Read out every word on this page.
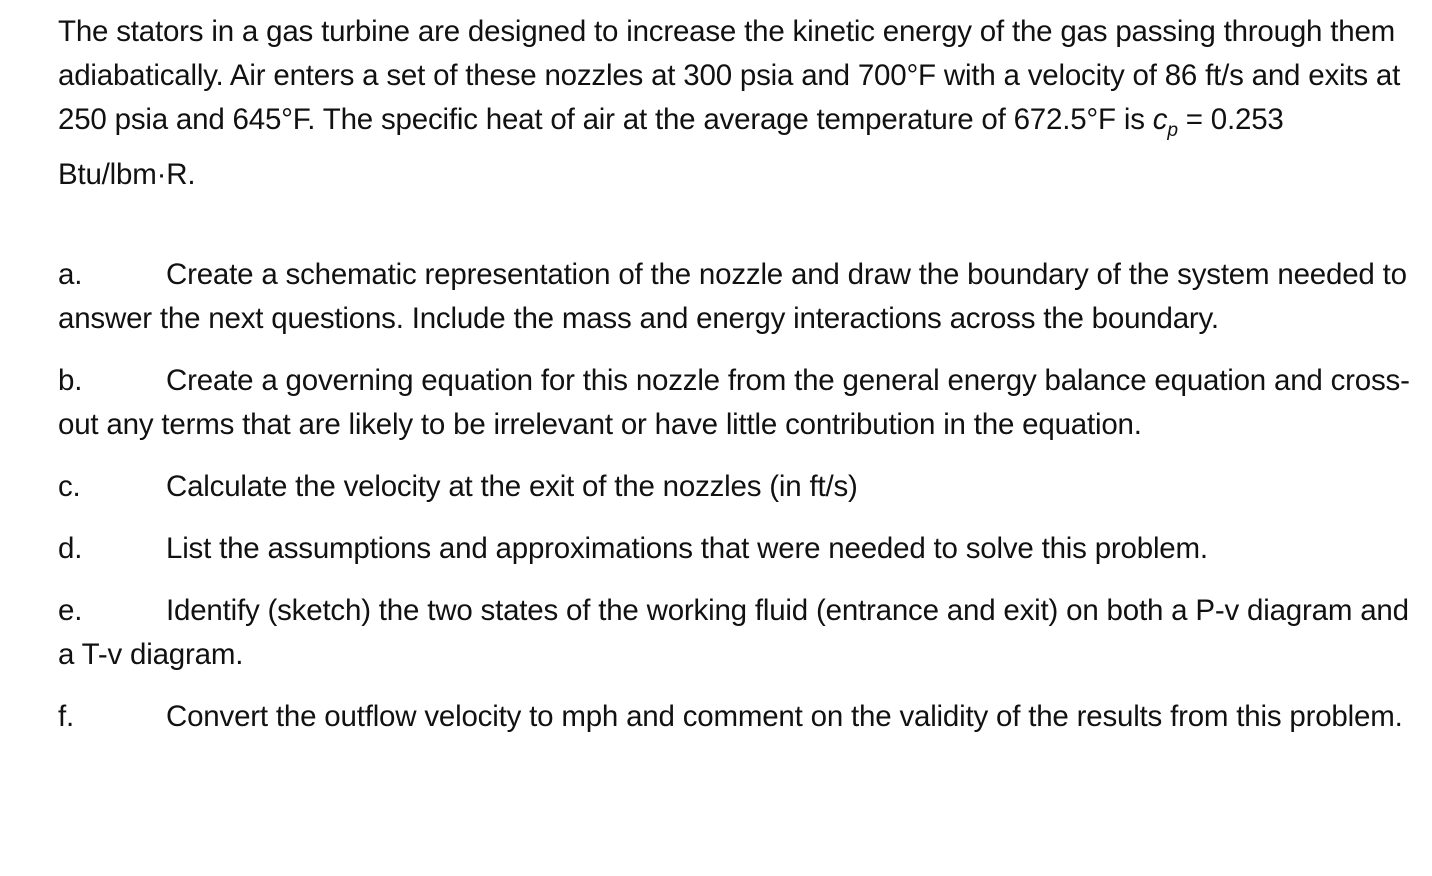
The stators in a gas turbine are designed to increase the kinetic energy of the gas passing through them adiabatically. Air enters a set of these nozzles at 300 psia and 700°F with a velocity of 86 ft/s and exits at 250 psia and 645°F. The specific heat of air at the average temperature of 672.5°F is $c_p = 0.253$ Btu/lbm·R.

a.	Create a schematic representation of the nozzle and draw the boundary of the system needed to answer the next questions. Include the mass and energy interactions across the boundary.

b.	Create a governing equation for this nozzle from the general energy balance equation and cross-out any terms that are likely to be irrelevant or have little contribution in the equation.

c.	Calculate the velocity at the exit of the nozzles (in ft/s)

d.	List the assumptions and approximations that were needed to solve this problem.

e.	Identify (sketch) the two states of the working fluid (entrance and exit) on both a P-v diagram and a T-v diagram.

f.	Convert the outflow velocity to mph and comment on the validity of the results from this problem.
